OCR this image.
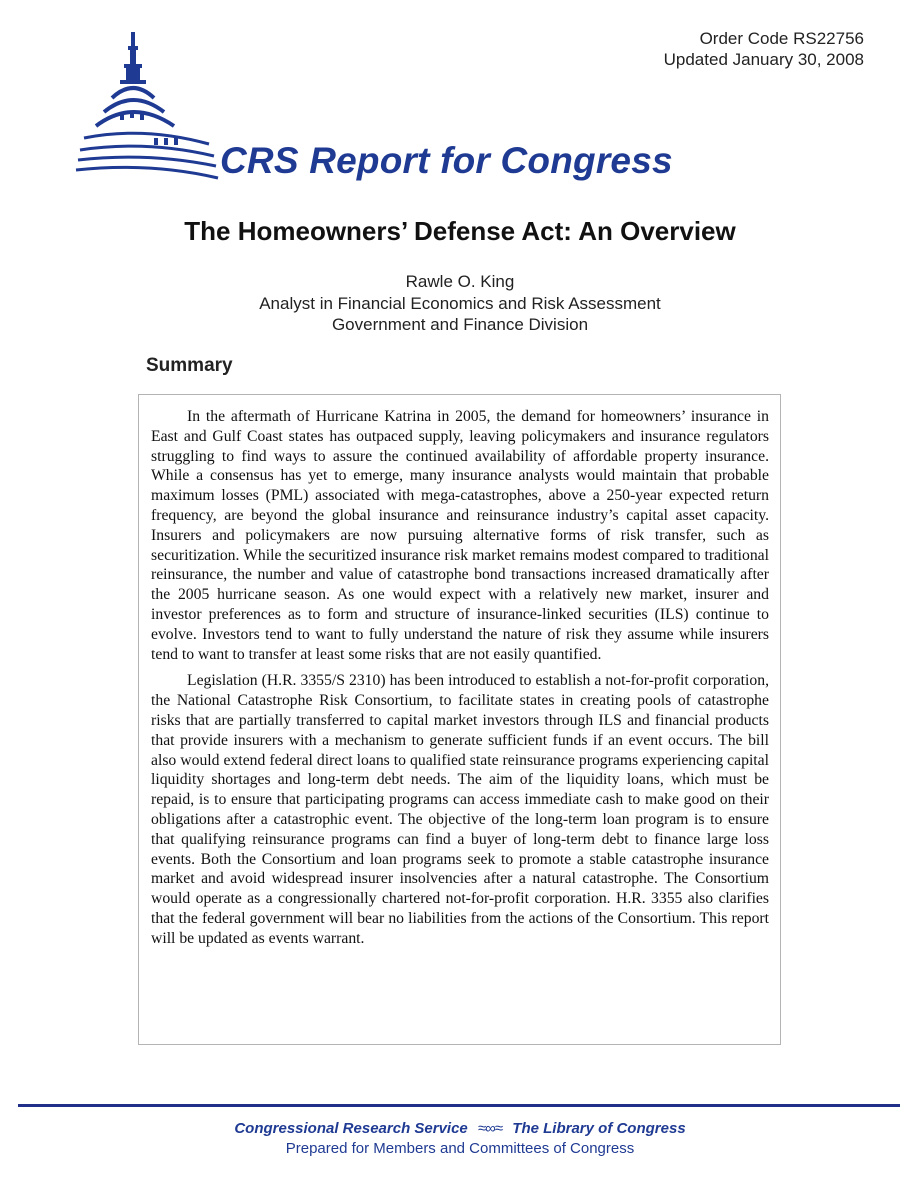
Order Code RS22756
Updated January 30, 2008
CRS Report for Congress
The Homeowners’ Defense Act: An Overview
Rawle O. King
Analyst in Financial Economics and Risk Assessment
Government and Finance Division
Summary

In the aftermath of Hurricane Katrina in 2005, the demand for homeowners’ insurance in East and Gulf Coast states has outpaced supply, leaving policymakers and insurance regulators struggling to find ways to assure the continued availability of affordable property insurance. While a consensus has yet to emerge, many insurance analysts would maintain that probable maximum losses (PML) associated with mega-catastrophes, above a 250-year expected return frequency, are beyond the global insurance and reinsurance industry’s capital asset capacity. Insurers and policymakers are now pursuing alternative forms of risk transfer, such as securitization. While the securitized insurance risk market remains modest compared to traditional reinsurance, the number and value of catastrophe bond transactions increased dramatically after the 2005 hurricane season. As one would expect with a relatively new market, insurer and investor preferences as to form and structure of insurance-linked securities (ILS) continue to evolve. Investors tend to want to fully understand the nature of risk they assume while insurers tend to want to transfer at least some risks that are not easily quantified.

Legislation (H.R. 3355/S 2310) has been introduced to establish a not-for-profit corporation, the National Catastrophe Risk Consortium, to facilitate states in creating pools of catastrophe risks that are partially transferred to capital market investors through ILS and financial products that provide insurers with a mechanism to generate sufficient funds if an event occurs. The bill also would extend federal direct loans to qualified state reinsurance programs experiencing capital liquidity shortages and long-term debt needs. The aim of the liquidity loans, which must be repaid, is to ensure that participating programs can access immediate cash to make good on their obligations after a catastrophic event. The objective of the long-term loan program is to ensure that qualifying reinsurance programs can find a buyer of long-term debt to finance large loss events. Both the Consortium and loan programs seek to promote a stable catastrophe insurance market and avoid widespread insurer insolvencies after a natural catastrophe. The Consortium would operate as a congressionally chartered not-for-profit corporation. H.R. 3355 also clarifies that the federal government will bear no liabilities from the actions of the Consortium. This report will be updated as events warrant.

Congressional Research Service ≈∞≈ The Library of Congress
Prepared for Members and Committees of Congress
